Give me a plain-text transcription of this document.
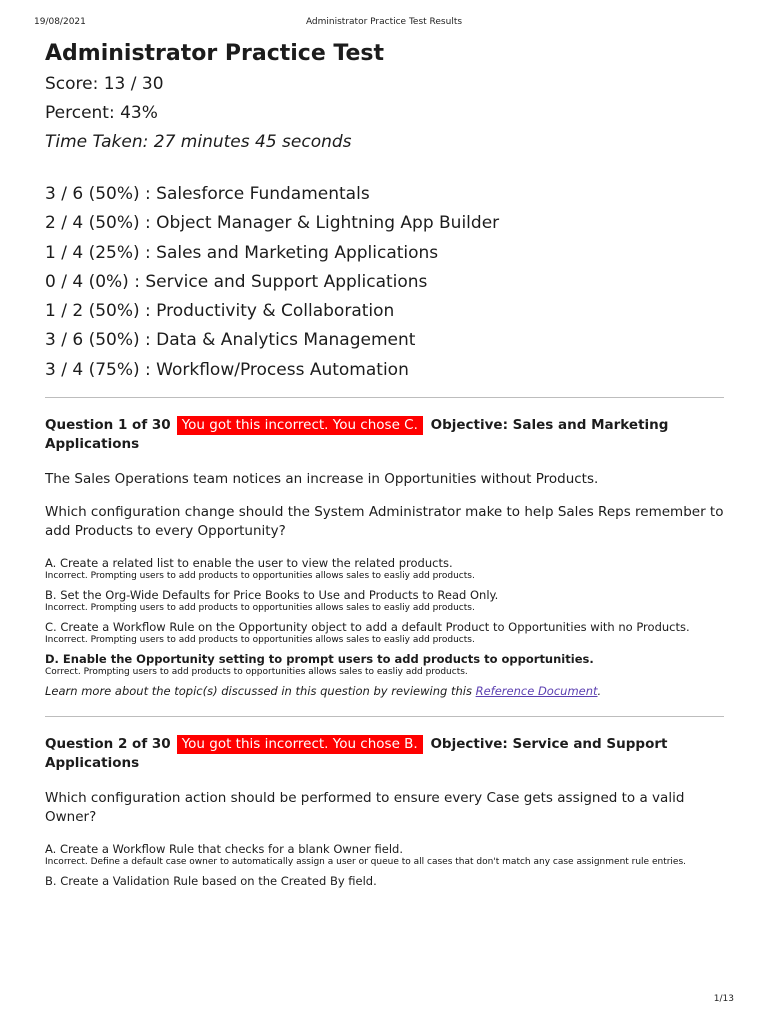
19/08/2021	Administrator Practice Test Results
Administrator Practice Test
Score: 13 / 30
Percent: 43%
Time Taken: 27 minutes 45 seconds
3 / 6 (50%) : Salesforce Fundamentals
2 / 4 (50%) : Object Manager & Lightning App Builder
1 / 4 (25%) : Sales and Marketing Applications
0 / 4 (0%) : Service and Support Applications
1 / 2 (50%) : Productivity & Collaboration
3 / 6 (50%) : Data & Analytics Management
3 / 4 (75%) : Workflow/Process Automation
Question 1 of 30 You got this incorrect. You chose C. Objective: Sales and Marketing Applications
The Sales Operations team notices an increase in Opportunities without Products.
Which configuration change should the System Administrator make to help Sales Reps remember to add Products to every Opportunity?
A. Create a related list to enable the user to view the related products.
Incorrect. Prompting users to add products to opportunities allows sales to easliy add products.
B. Set the Org-Wide Defaults for Price Books to Use and Products to Read Only.
Incorrect. Prompting users to add products to opportunities allows sales to easliy add products.
C. Create a Workflow Rule on the Opportunity object to add a default Product to Opportunities with no Products.
Incorrect. Prompting users to add products to opportunities allows sales to easliy add products.
D. Enable the Opportunity setting to prompt users to add products to opportunities.
Correct. Prompting users to add products to opportunities allows sales to easliy add products.
Learn more about the topic(s) discussed in this question by reviewing this Reference Document.
Question 2 of 30 You got this incorrect. You chose B. Objective: Service and Support Applications
Which configuration action should be performed to ensure every Case gets assigned to a valid Owner?
A. Create a Workflow Rule that checks for a blank Owner field.
Incorrect. Define a default case owner to automatically assign a user or queue to all cases that don't match any case assignment rule entries.
B. Create a Validation Rule based on the Created By field.
1/13
